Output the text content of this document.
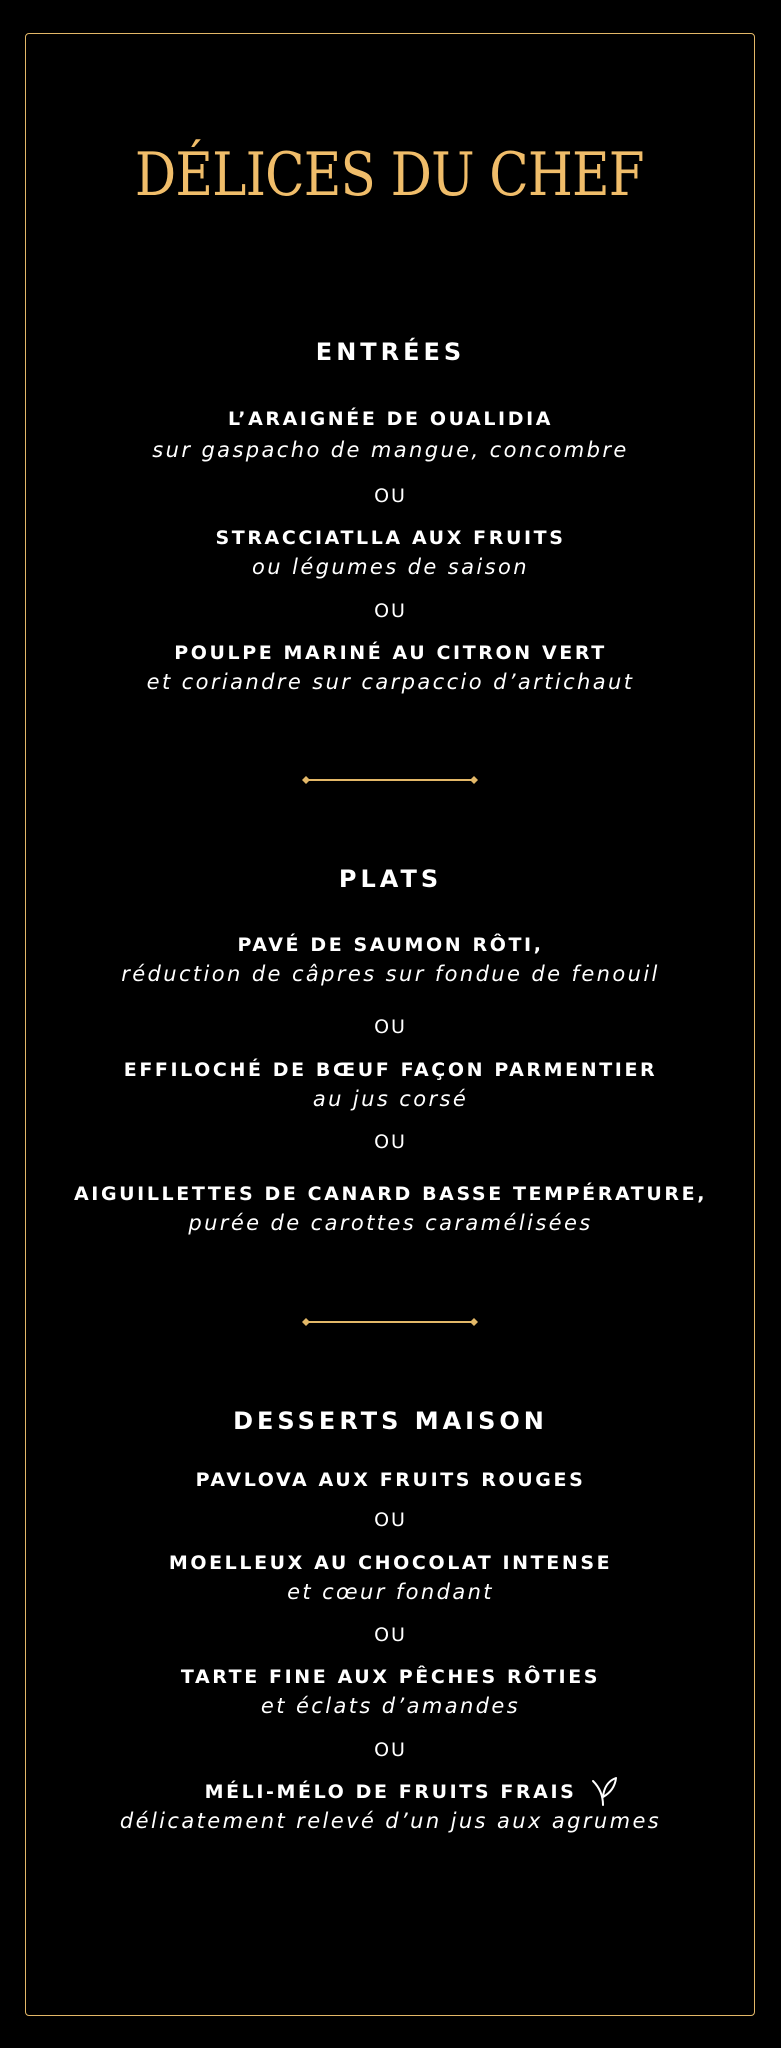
DÉLICES DU CHEF
ENTRÉES
L’ARAIGNÉE DE OUALIDIA
sur gaspacho de mangue, concombre
OU
STRACCIATLLA AUX FRUITS
ou légumes de saison
OU
POULPE MARINÉ AU CITRON VERT
et coriandre sur carpaccio d’artichaut
PLATS
PAVÉ DE SAUMON RÔTI,
réduction de câpres sur fondue de fenouil
OU
EFFILOCHÉ DE BŒUF FAÇON PARMENTIER
au jus corsé
OU
AIGUILLETTES DE CANARD BASSE TEMPÉRATURE,
purée de carottes caramélisées
DESSERTS MAISON
PAVLOVA AUX FRUITS ROUGES
OU
MOELLEUX AU CHOCOLAT INTENSE
et cœur fondant
OU
TARTE FINE AUX PÊCHES RÔTIES
et éclats d’amandes
OU
MÉLI-MÉLO DE FRUITS FRAIS
délicatement relevé d’un jus aux agrumes
